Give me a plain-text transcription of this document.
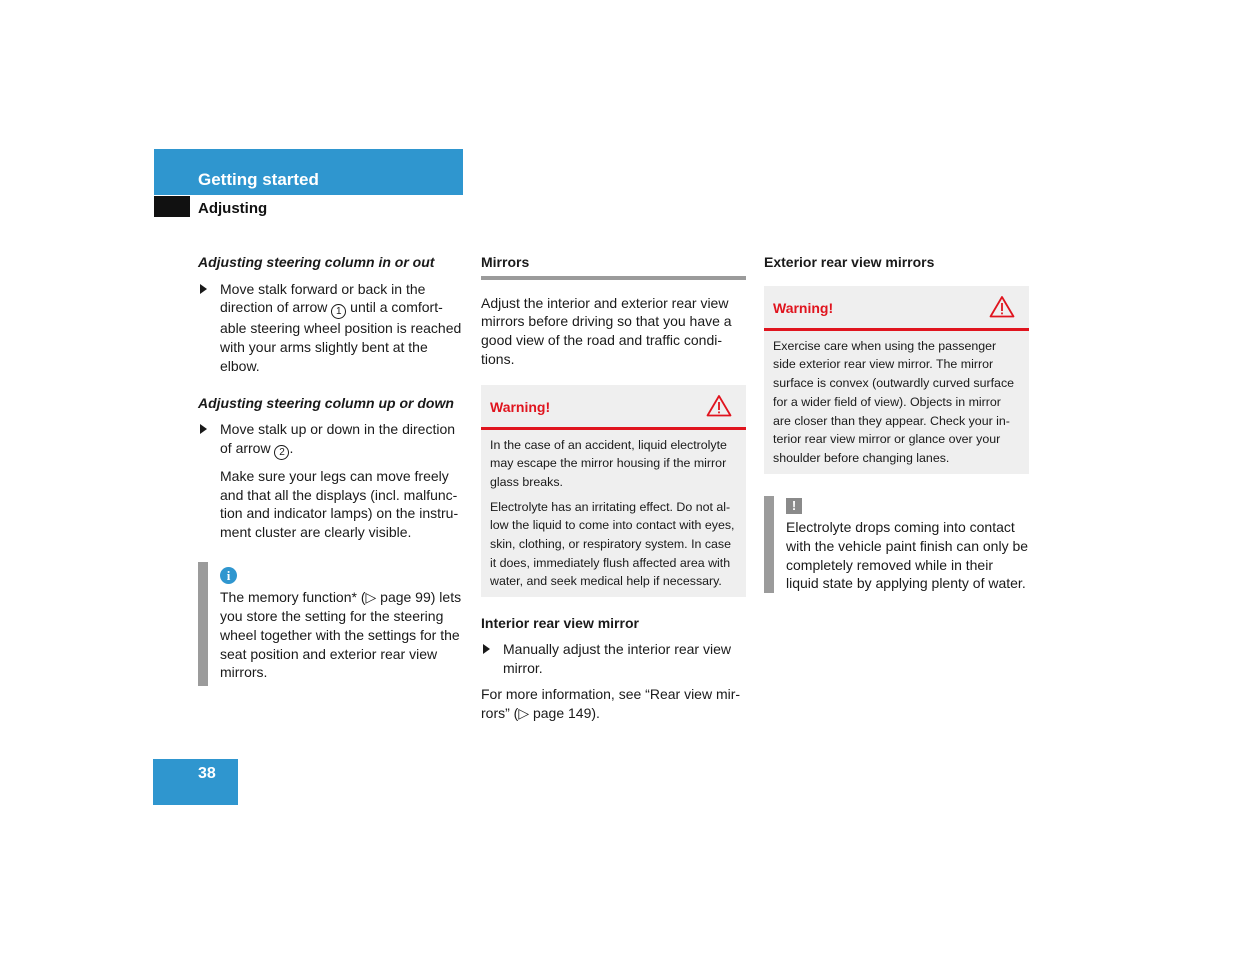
Getting started
Adjusting

Adjusting steering column in or out

Move stalk forward or back in the direction of arrow 1 until a comfort-able steering wheel position is reached with your arms slightly bent at the elbow.

Adjusting steering column up or down

Move stalk up or down in the direction of arrow 2 .

Make sure your legs can move freely and that all the displays (incl. malfunc-tion and indicator lamps) on the instru-ment cluster are clearly visible.

i

The memory function* (▷ page 99) lets you store the setting for the steering wheel together with the settings for the seat position and exterior rear view mirrors.

Mirrors

Adjust the interior and exterior rear view mirrors before driving so that you have a good view of the road and traffic condi-tions.

Warning!

In the case of an accident, liquid electrolyte may escape the mirror housing if the mirror glass breaks.

Electrolyte has an irritating effect. Do not al-low the liquid to come into contact with eyes, skin, clothing, or respiratory system. In case it does, immediately flush affected area with water, and seek medical help if necessary.

Interior rear view mirror

Manually adjust the interior rear view mirror.

For more information, see “Rear view mir-rors” (▷ page 149).

Exterior rear view mirrors

Warning!

Exercise care when using the passenger side exterior rear view mirror. The mirror surface is convex (outwardly curved surface for a wider field of view). Objects in mirror are closer than they appear. Check your in-terior rear view mirror or glance over your shoulder before changing lanes.

!

Electrolyte drops coming into contact with the vehicle paint finish can only be completely removed while in their liquid state by applying plenty of water.

38
